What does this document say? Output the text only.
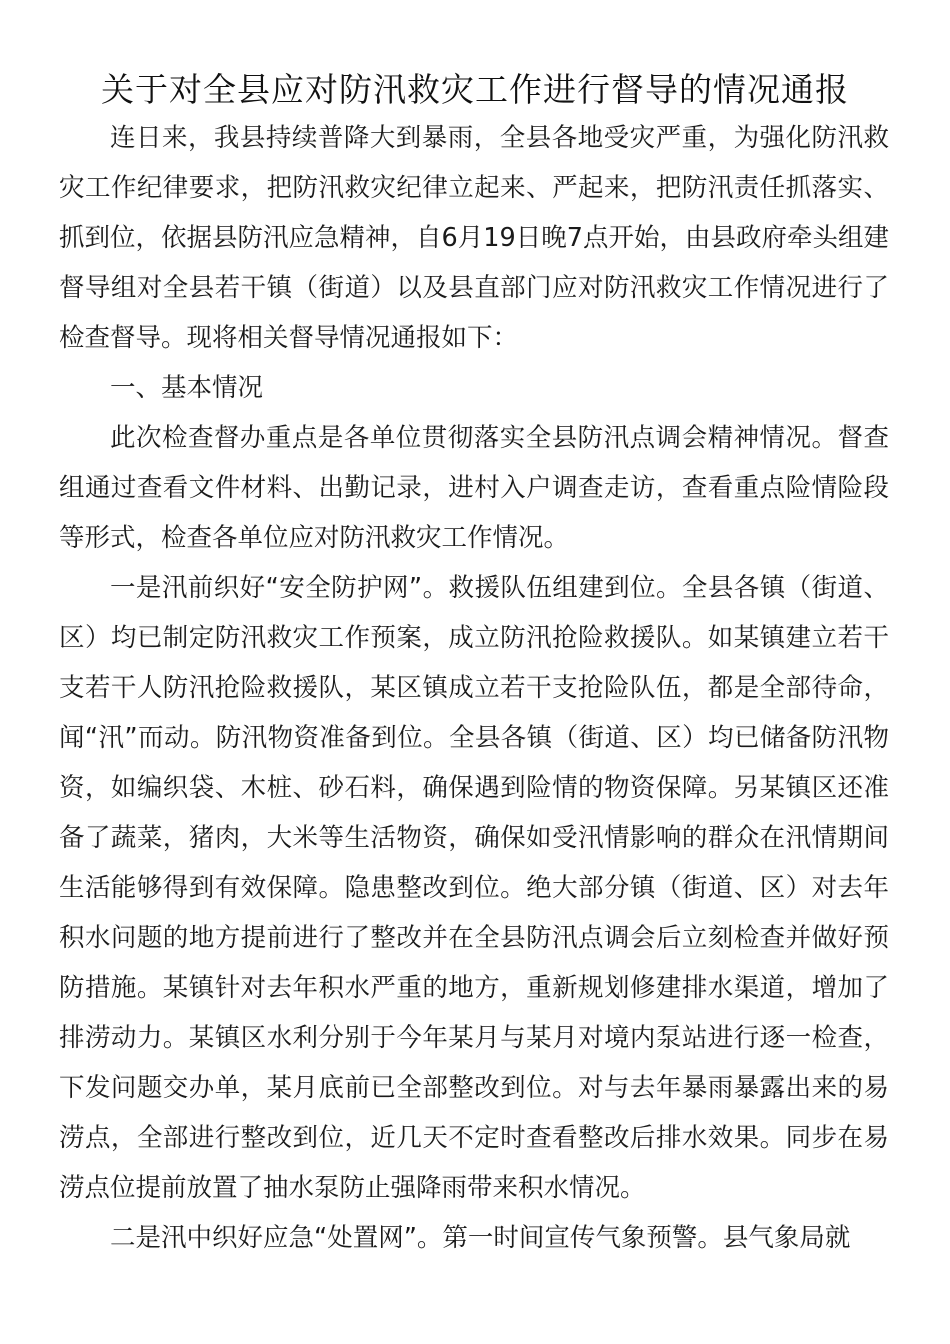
关于对全县应对防汛救灾工作进行督导的情况通报

连日来，我县持续普降大到暴雨，全县各地受灾严重，为强化防汛救灾工作纪律要求，把防汛救灾纪律立起来、严起来，把防汛责任抓落实、抓到位，依据县防汛应急精神，自6月19日晚7点开始，由县政府牵头组建督导组对全县若干镇（街道）以及县直部门应对防汛救灾工作情况进行了检查督导。现将相关督导情况通报如下：

一、基本情况

此次检查督办重点是各单位贯彻落实全县防汛点调会精神情况。督查组通过查看文件材料、出勤记录，进村入户调查走访，查看重点险情险段等形式，检查各单位应对防汛救灾工作情况。

一是汛前织好“安全防护网”。救援队伍组建到位。全县各镇（街道、区）均已制定防汛救灾工作预案，成立防汛抢险救援队。如某镇建立若干支若干人防汛抢险救援队，某区镇成立若干支抢险队伍，都是全部待命，闻“汛”而动。防汛物资准备到位。全县各镇（街道、区）均已储备防汛物资，如编织袋、木桩、砂石料，确保遇到险情的物资保障。另某镇区还准备了蔬菜，猪肉，大米等生活物资，确保如受汛情影响的群众在汛情期间生活能够得到有效保障。隐患整改到位。绝大部分镇（街道、区）对去年积水问题的地方提前进行了整改并在全县防汛点调会后立刻检查并做好预防措施。某镇针对去年积水严重的地方，重新规划修建排水渠道，增加了排涝动力。某镇区水利分别于今年某月与某月对境内泵站进行逐一检查，下发问题交办单，某月底前已全部整改到位。对与去年暴雨暴露出来的易涝点，全部进行整改到位，近几天不定时查看整改后排水效果。同步在易涝点位提前放置了抽水泵防止强降雨带来积水情况。

二是汛中织好应急“处置网”。第一时间宣传气象预警。县气象局就
